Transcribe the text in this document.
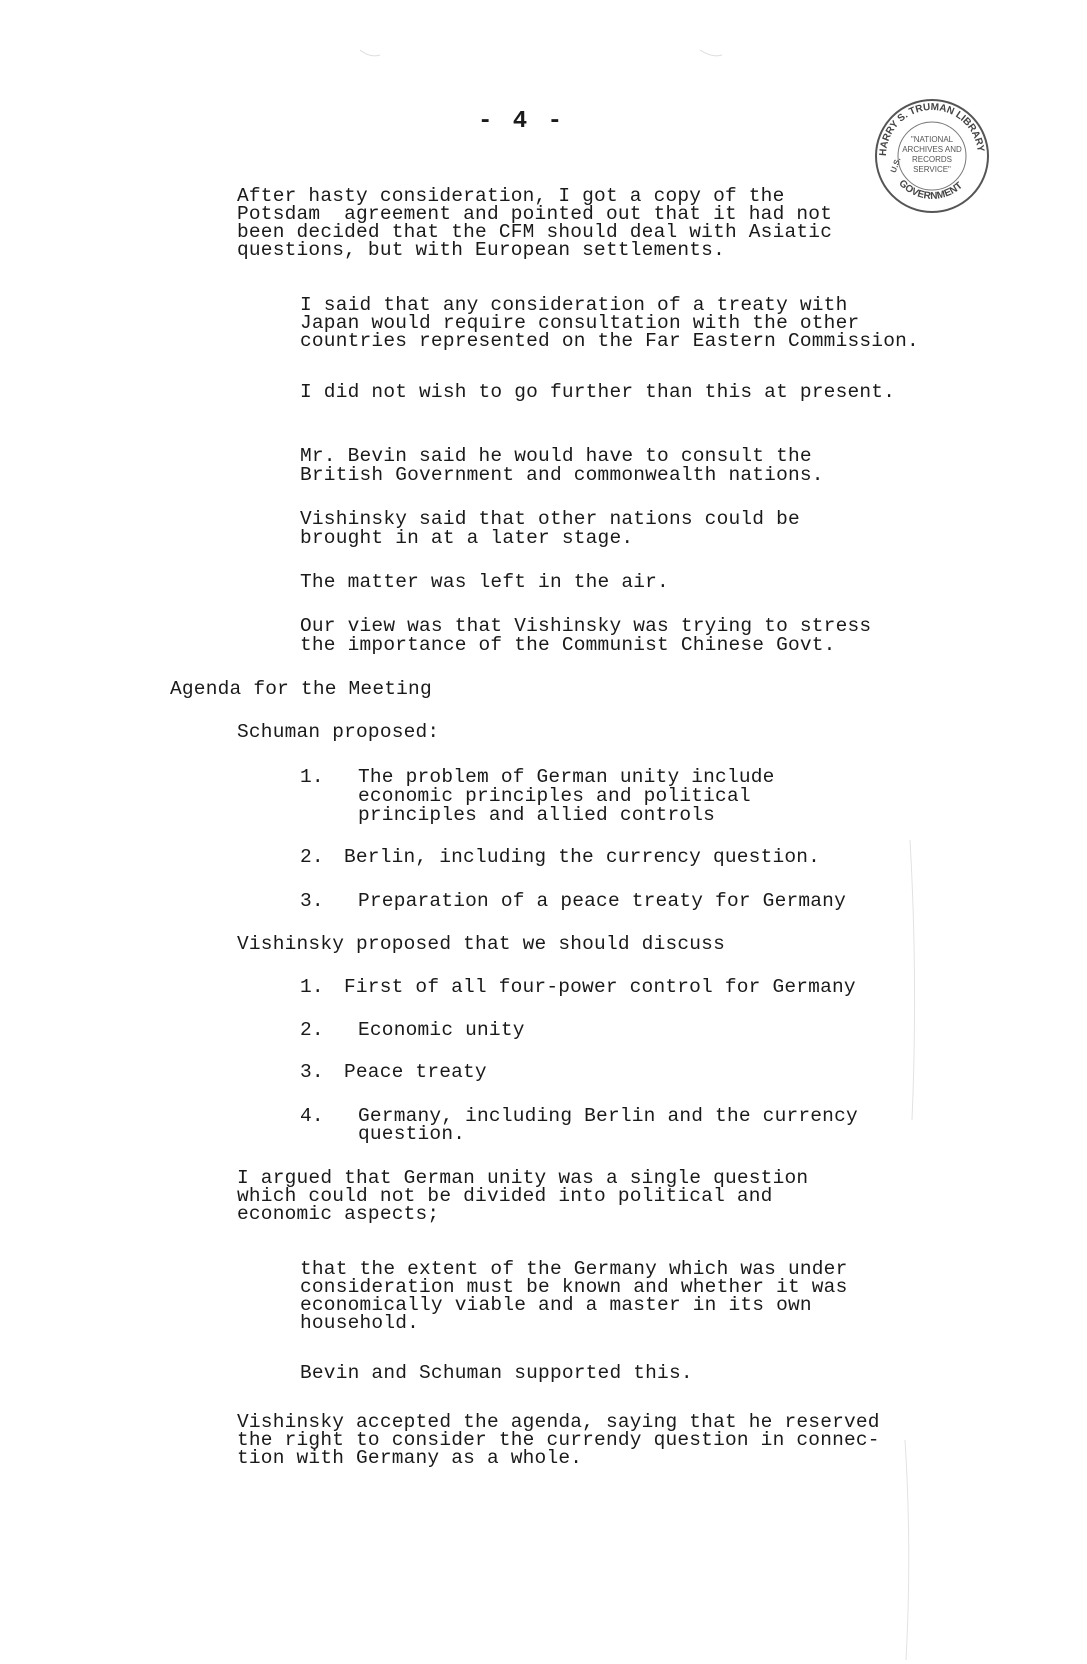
- 4 -
HARRY S. TRUMAN LIBRARY
GOVERNMENT
"NATIONAL
ARCHIVES AND
RECORDS
SERVICE"
U.S.
After hasty consideration, I got a copy of the
Potsdam  agreement and pointed out that it had not
been decided that the CFM should deal with Asiatic
questions, but with European settlements.
I said that any consideration of a treaty with
Japan would require consultation with the other
countries represented on the Far Eastern Commission.
I did not wish to go further than this at present.
Mr. Bevin said he would have to consult the
British Government and commonwealth nations.
Vishinsky said that other nations could be
brought in at a later stage.
The matter was left in the air.
Our view was that Vishinsky was trying to stress
the importance of the Communist Chinese Govt.
Agenda for the Meeting
Schuman proposed:
1. The problem of German unity include
economic principles and political
principles and allied controls
2. Berlin, including the currency question.
3. Preparation of a peace treaty for Germany
Vishinsky proposed that we should discuss
1. First of all four-power control for Germany
2. Economic unity
3. Peace treaty
4. Germany, including Berlin and the currency
question.
I argued that German unity was a single question
which could not be divided into political and
economic aspects;
that the extent of the Germany which was under
consideration must be known and whether it was
economically viable and a master in its own
household.
Bevin and Schuman supported this.
Vishinsky accepted the agenda, saying that he reserved
the right to consider the currendy question in connec-
tion with Germany as a whole.
